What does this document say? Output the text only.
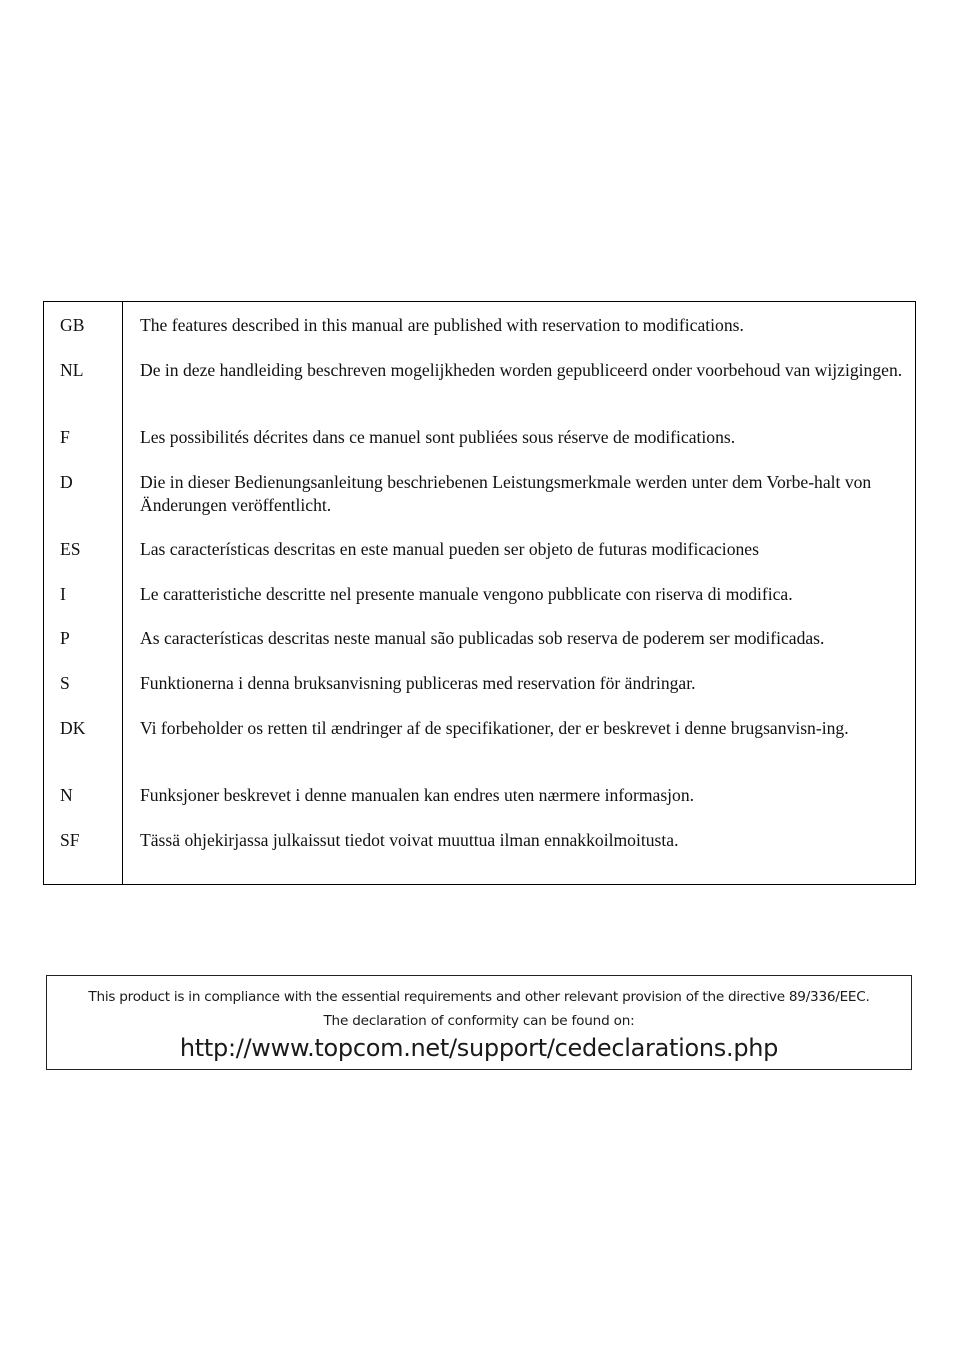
GB	The features described in this manual are published with reservation to modifications.
NL	De in deze handleiding beschreven mogelijkheden worden gepubliceerd onder voorbehoud van wijzigingen.
F	Les possibilités décrites dans ce manuel sont publiées sous réserve de modifications.
D	Die in dieser Bedienungsanleitung beschriebenen Leistungsmerkmale werden unter dem Vorbe-halt von Änderungen veröffentlicht.
ES	Las características descritas en este manual pueden ser objeto de futuras modificaciones
I	Le caratteristiche descritte nel presente manuale vengono pubblicate con riserva di modifica.
P	As características descritas neste manual são publicadas sob reserva de poderem ser modificadas.
S	Funktionerna i denna bruksanvisning publiceras med reservation för ändringar.
DK	Vi forbeholder os retten til ændringer af de specifikationer, der er beskrevet i denne brugsanvisn-ing.
N	Funksjoner beskrevet i denne manualen kan endres uten nærmere informasjon.
SF	Tässä ohjekirjassa julkaissut tiedot voivat muuttua ilman ennakkoilmoitusta.
This product is in compliance with the essential requirements and other relevant provision of the directive 89/336/EEC.
The declaration of conformity can be found on:
http://www.topcom.net/support/cedeclarations.php
